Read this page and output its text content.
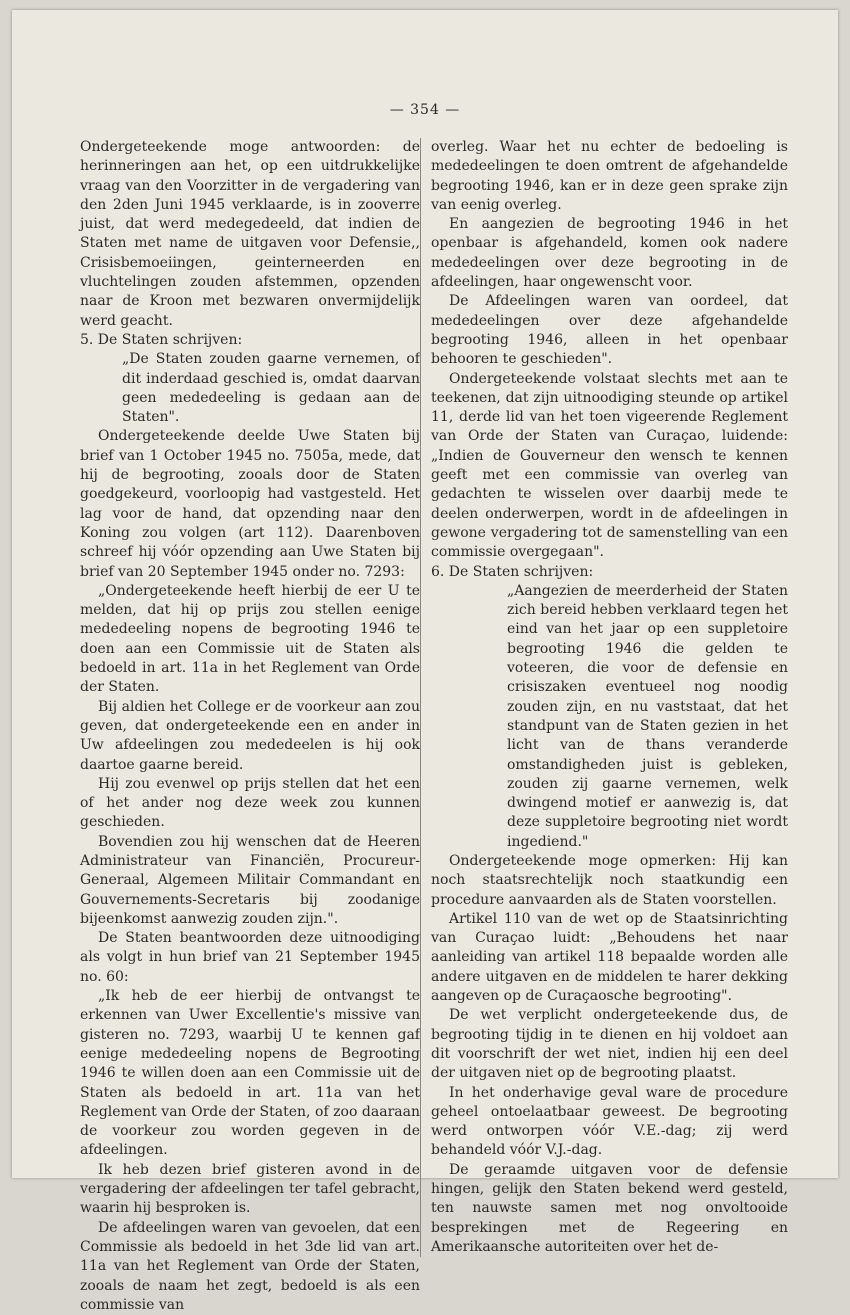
— 354 —

Ondergeteekende moge antwoorden: de herinneringen aan het, op een uitdrukkelijke vraag van den Voorzitter in de vergadering van den 2den Juni 1945 verklaarde, is in zooverre juist, dat werd medegedeeld, dat indien de Staten met name de uitgaven voor Defensie,, Crisisbemoeiingen, geinterneerden en vluchtelingen zouden afstemmen, opzenden naar de Kroon met bezwaren onvermijdelijk werd geacht.

5. De Staten schrijven:

„De Staten zouden gaarne vernemen, of dit inderdaad geschied is, omdat daarvan geen mededeeling is gedaan aan de Staten".

Ondergeteekende deelde Uwe Staten bij brief van 1 October 1945 no. 7505a, mede, dat hij de begrooting, zooals door de Staten goedgekeurd, voorloopig had vastgesteld. Het lag voor de hand, dat opzending naar den Koning zou volgen (art 112). Daarenboven schreef hij vóór opzending aan Uwe Staten bij brief van 20 September 1945 onder no. 7293:

„Ondergeteekende heeft hierbij de eer U te melden, dat hij op prijs zou stellen eenige mededeeling nopens de begrooting 1946 te doen aan een Commissie uit de Staten als bedoeld in art. 11a in het Reglement van Orde der Staten.

Bij aldien het College er de voorkeur aan zou geven, dat ondergeteekende een en ander in Uw afdeelingen zou mededeelen is hij ook daartoe gaarne bereid.

Hij zou evenwel op prijs stellen dat het een of het ander nog deze week zou kunnen geschieden.

Bovendien zou hij wenschen dat de Heeren Administrateur van Financiën, Procureur-Generaal, Algemeen Militair Commandant en Gouvernements-Secretaris bij zoodanige bijeenkomst aanwezig zouden zijn.".

De Staten beantwoorden deze uitnoodiging als volgt in hun brief van 21 September 1945 no. 60:

„Ik heb de eer hierbij de ontvangst te erkennen van Uwer Excellentie's missive van gisteren no. 7293, waarbij U te kennen gaf eenige mededeeling nopens de Begrooting 1946 te willen doen aan een Commissie uit de Staten als bedoeld in art. 11a van het Reglement van Orde der Staten, of zoo daaraan de voorkeur zou worden gegeven in de afdeelingen.

Ik heb dezen brief gisteren avond in de vergadering der afdeelingen ter tafel gebracht, waarin hij besproken is.

De afdeelingen waren van gevoelen, dat een Commissie als bedoeld in het 3de lid van art. 11a van het Reglement van Orde der Staten, zooals de naam het zegt, bedoeld is als een commissie van

overleg. Waar het nu echter de bedoeling is mededeelingen te doen omtrent de afgehandelde begrooting 1946, kan er in deze geen sprake zijn van eenig overleg.

En aangezien de begrooting 1946 in het openbaar is afgehandeld, komen ook nadere mededeelingen over deze begrooting in de afdeelingen, haar ongewenscht voor.

De Afdeelingen waren van oordeel, dat mededeelingen over deze afgehandelde begrooting 1946, alleen in het openbaar behooren te geschieden".

Ondergeteekende volstaat slechts met aan te teekenen, dat zijn uitnoodiging steunde op artikel 11, derde lid van het toen vigeerende Reglement van Orde der Staten van Curaçao, luidende: „Indien de Gouverneur den wensch te kennen geeft met een commissie van overleg van gedachten te wisselen over daarbij mede te deelen onderwerpen, wordt in de afdeelingen in gewone vergadering tot de samenstelling van een commissie overgegaan".

6. De Staten schrijven:

„Aangezien de meerderheid der Staten zich bereid hebben verklaard tegen het eind van het jaar op een suppletoire begrooting 1946 die gelden te voteeren, die voor de defensie en crisiszaken eventueel nog noodig zouden zijn, en nu vaststaat, dat het standpunt van de Staten gezien in het licht van de thans veranderde omstandigheden juist is gebleken, zouden zij gaarne vernemen, welk dwingend motief er aanwezig is, dat deze suppletoire begrooting niet wordt ingediend."

Ondergeteekende moge opmerken: Hij kan noch staatsrechtelijk noch staatkundig een procedure aanvaarden als de Staten voorstellen.

Artikel 110 van de wet op de Staatsinrichting van Curaçao luidt: „Behoudens het naar aanleiding van artikel 118 bepaalde worden alle andere uitgaven en de middelen te harer dekking aangeven op de Curaçaosche begrooting".

De wet verplicht ondergeteekende dus, de begrooting tijdig in te dienen en hij voldoet aan dit voorschrift der wet niet, indien hij een deel der uitgaven niet op de begrooting plaatst.

In het onderhavige geval ware de procedure geheel ontoelaatbaar geweest. De begrooting werd ontworpen vóór V.E.-dag; zij werd behandeld vóór V.J.-dag.

De geraamde uitgaven voor de defensie hingen, gelijk den Staten bekend werd gesteld, ten nauwste samen met nog onvoltooide besprekingen met de Regeering en Amerikaansche autoriteiten over het de-
